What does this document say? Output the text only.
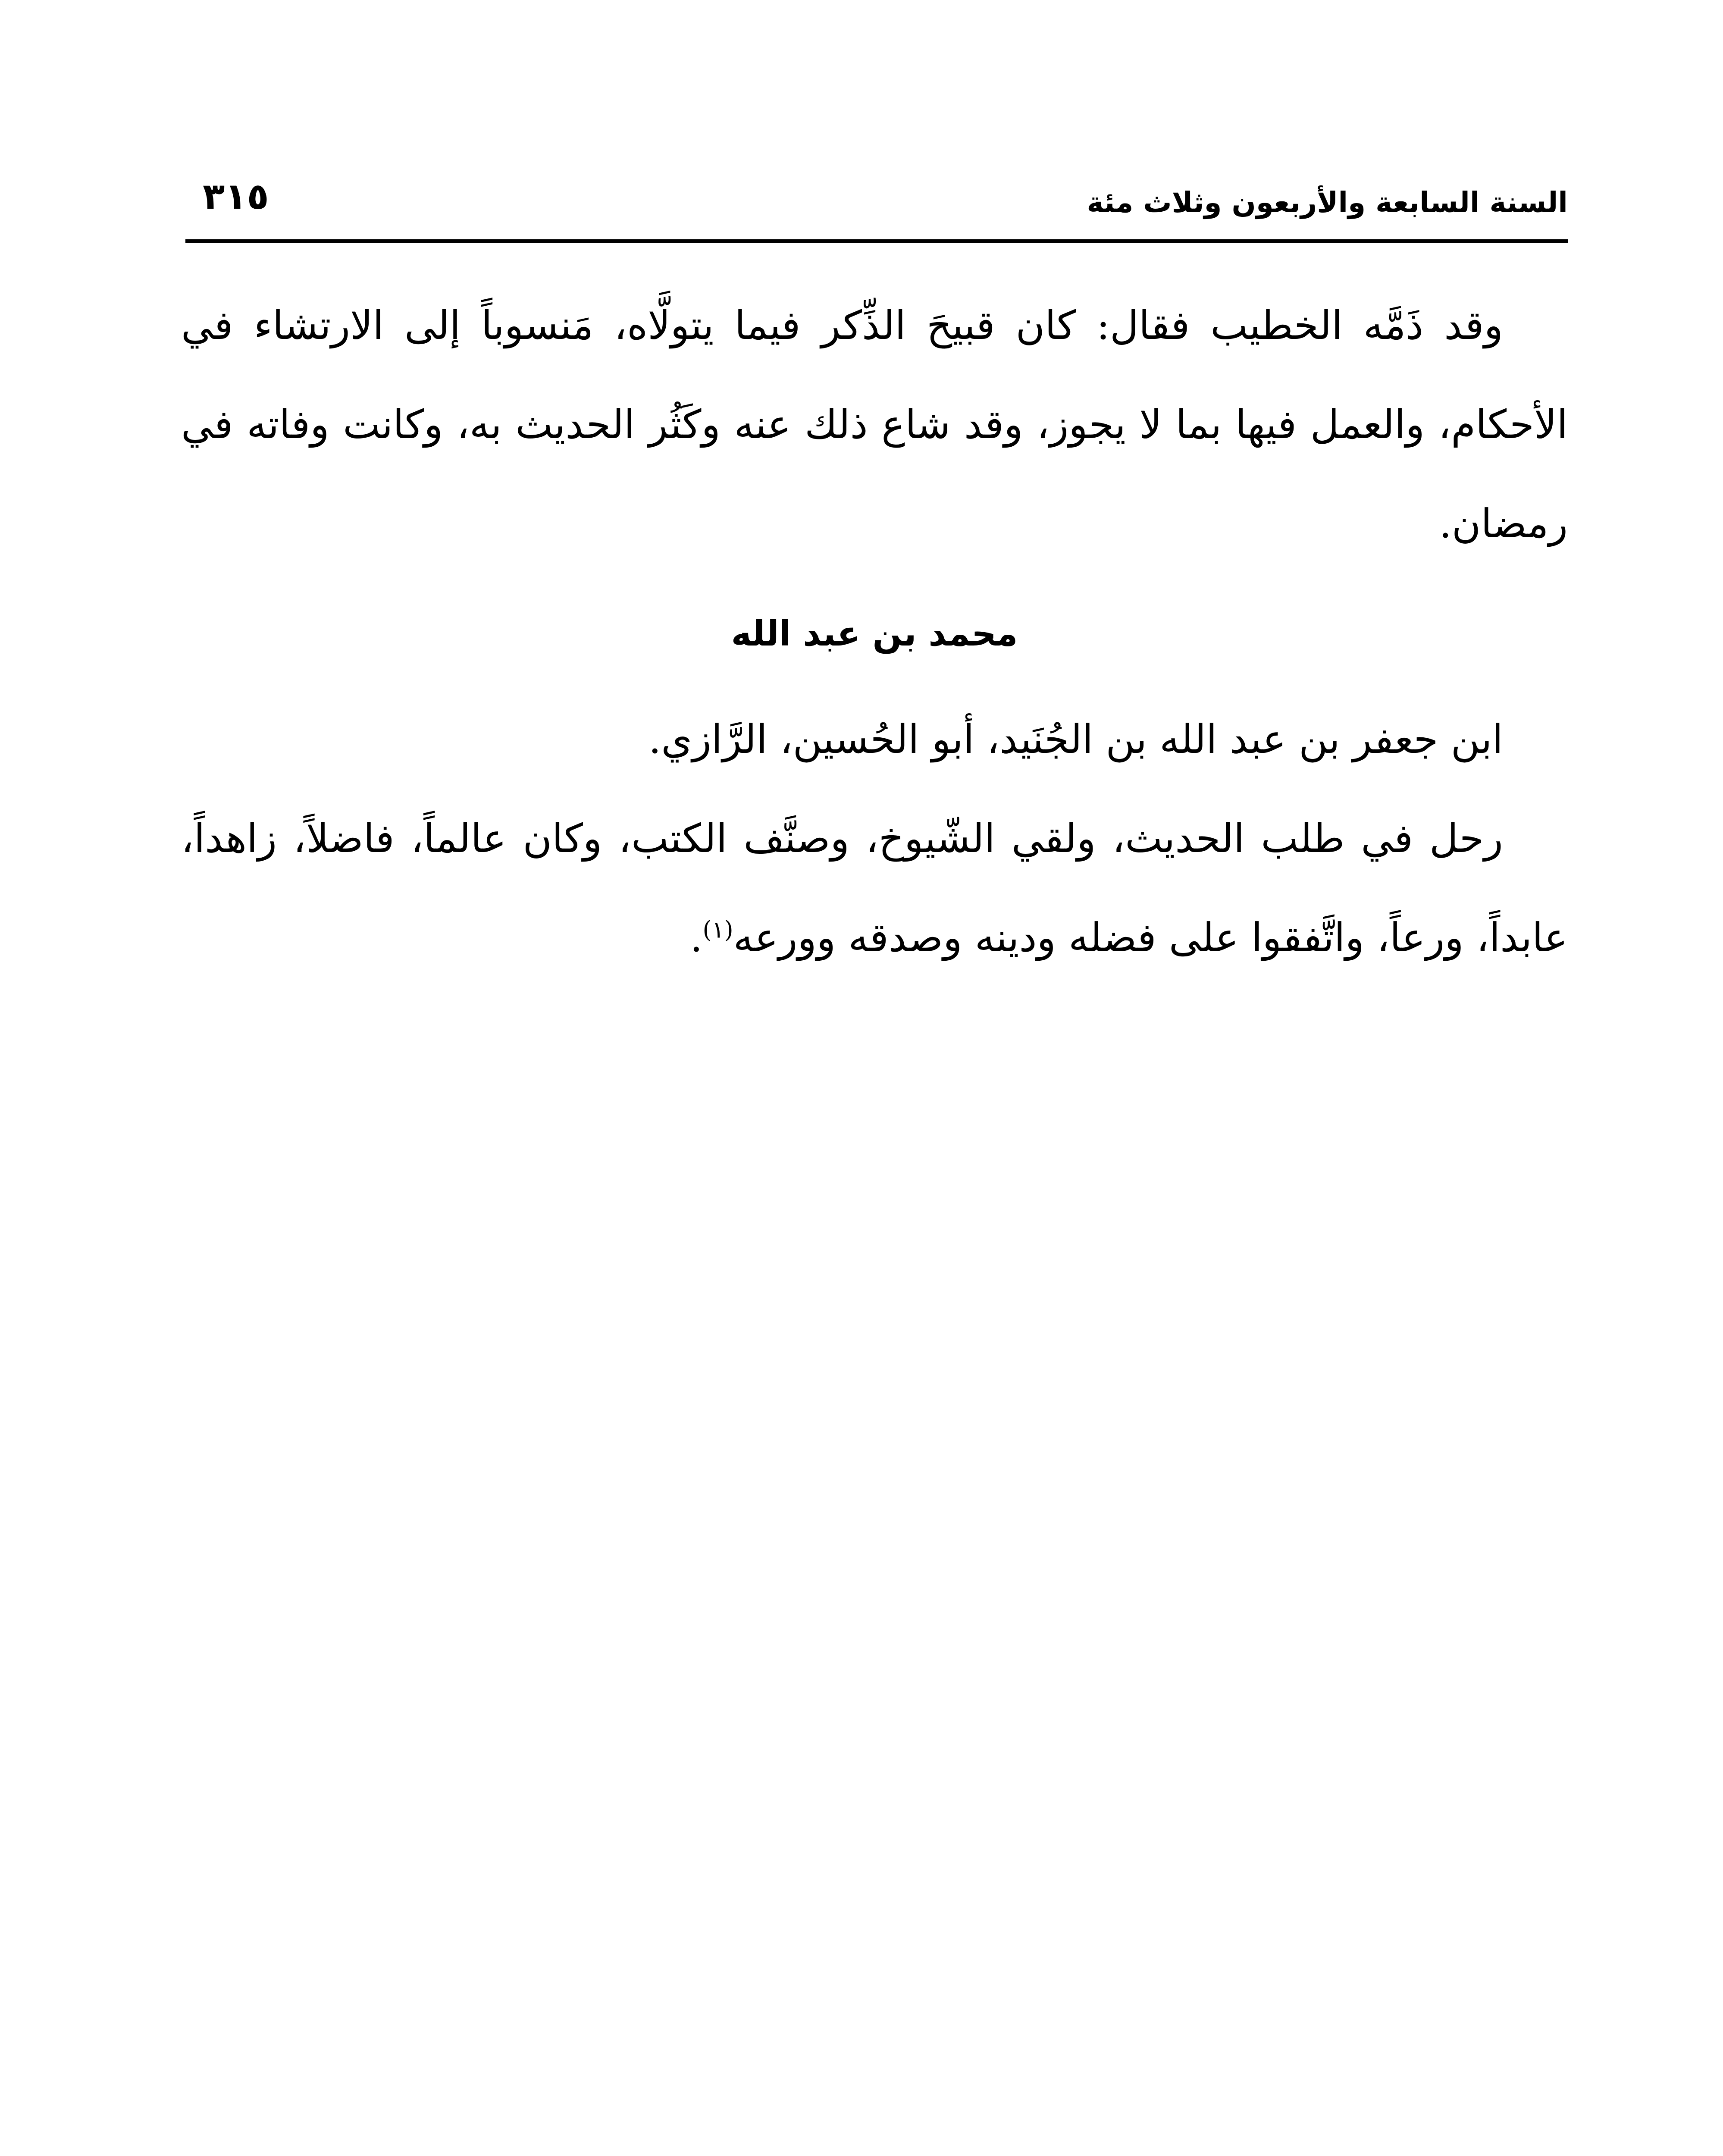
السنة السابعة والأربعون وثلاث مئة
٣١٥

وقد ذَمَّه الخطيب فقال: كان قبيحَ الذِّكر فيما يتولَّاه، مَنسوباً إلى الارتشاء في الأحكام، والعمل فيها بما لا يجوز، وقد شاع ذلك عنه وكَثُر الحديث به، وكانت وفاته في رمضان.

محمد بن عبد الله

ابن جعفر بن عبد الله بن الجُنَيد، أبو الحُسين، الرَّازي.

رحل في طلب الحديث، ولقي الشّيوخ، وصنَّف الكتب، وكان عالماً، فاضلاً، زاهداً، عابداً، ورعاً، واتَّفقوا على فضله ودينه وصدقه وورعه$^{(١)}$.
